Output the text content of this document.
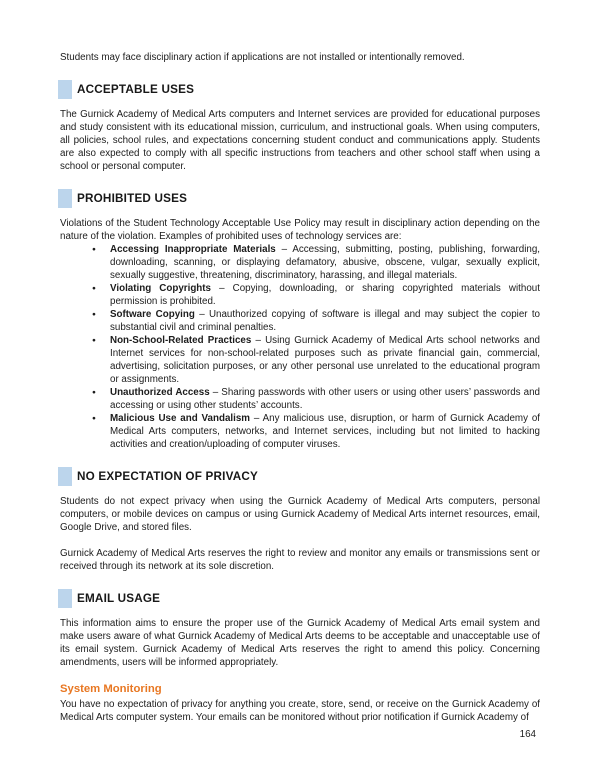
Students may face disciplinary action if applications are not installed or intentionally removed.

ACCEPTABLE USES

The Gurnick Academy of Medical Arts computers and Internet services are provided for educational purposes and study consistent with its educational mission, curriculum, and instructional goals. When using computers, all policies, school rules, and expectations concerning student conduct and communications apply. Students are also expected to comply with all specific instructions from teachers and other school staff when using a school or personal computer.

PROHIBITED USES

Violations of the Student Technology Acceptable Use Policy may result in disciplinary action depending on the nature of the violation. Examples of prohibited uses of technology services are:

● Accessing Inappropriate Materials – Accessing, submitting, posting, publishing, forwarding, downloading, scanning, or displaying defamatory, abusive, obscene, vulgar, sexually explicit, sexually suggestive, threatening, discriminatory, harassing, and illegal materials.
● Violating Copyrights – Copying, downloading, or sharing copyrighted materials without permission is prohibited.
● Software Copying – Unauthorized copying of software is illegal and may subject the copier to substantial civil and criminal penalties.
● Non-School-Related Practices – Using Gurnick Academy of Medical Arts school networks and Internet services for non-school-related purposes such as private financial gain, commercial, advertising, solicitation purposes, or any other personal use unrelated to the educational program or assignments.
● Unauthorized Access – Sharing passwords with other users or using other users’ passwords and accessing or using other students’ accounts.
● Malicious Use and Vandalism – Any malicious use, disruption, or harm of Gurnick Academy of Medical Arts computers, networks, and Internet services, including but not limited to hacking activities and creation/uploading of computer viruses.
NO EXPECTATION OF PRIVACY

Students do not expect privacy when using the Gurnick Academy of Medical Arts computers, personal computers, or mobile devices on campus or using Gurnick Academy of Medical Arts internet resources, email, Google Drive, and stored files.

Gurnick Academy of Medical Arts reserves the right to review and monitor any emails or transmissions sent or received through its network at its sole discretion.

EMAIL USAGE

This information aims to ensure the proper use of the Gurnick Academy of Medical Arts email system and make users aware of what Gurnick Academy of Medical Arts deems to be acceptable and unacceptable use of its email system. Gurnick Academy of Medical Arts reserves the right to amend this policy. Concerning amendments, users will be informed appropriately.

System Monitoring

You have no expectation of privacy for anything you create, store, send, or receive on the Gurnick Academy of Medical Arts computer system. Your emails can be monitored without prior notification if Gurnick Academy of

164
